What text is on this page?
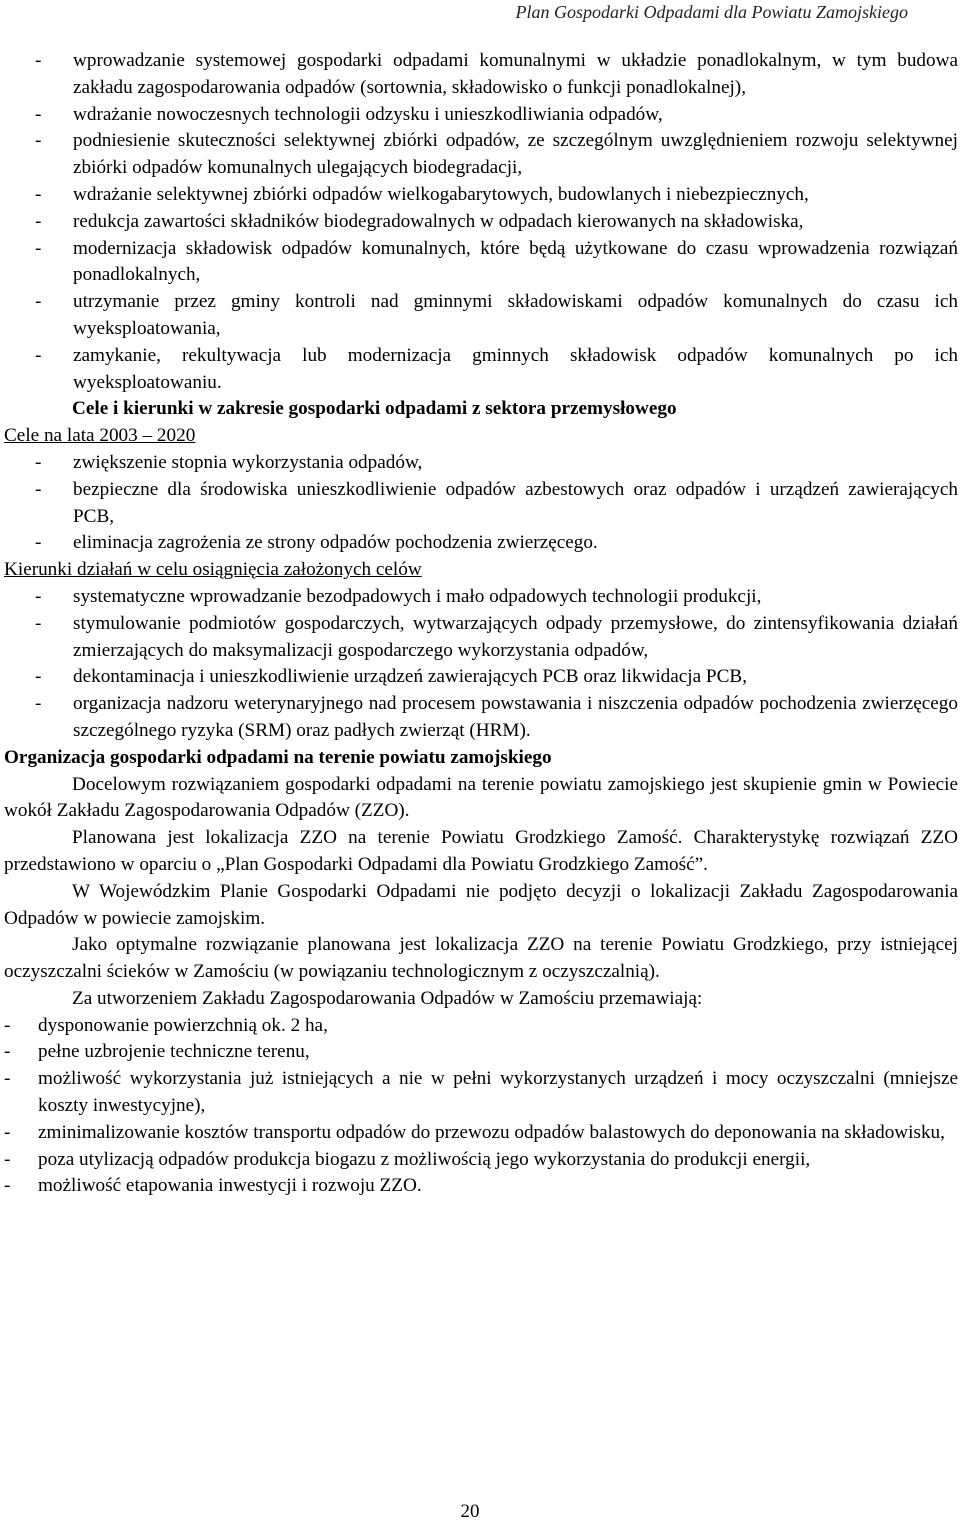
Plan Gospodarki Odpadami dla Powiatu Zamojskiego
- wprowadzanie systemowej gospodarki odpadami komunalnymi w układzie ponadlokalnym, w tym budowa zakładu zagospodarowania odpadów (sortownia, składowisko o funkcji ponadlokalnej),
- wdrażanie nowoczesnych technologii odzysku i unieszkodliwiania odpadów,
- podniesienie skuteczności selektywnej zbiórki odpadów, ze szczególnym uwzględnieniem rozwoju selektywnej zbiórki odpadów komunalnych ulegających biodegradacji,
- wdrażanie selektywnej zbiórki odpadów wielkogabarytowych, budowlanych i niebezpiecznych,
- redukcja zawartości składników biodegradowalnych w odpadach kierowanych na składowiska,
- modernizacja składowisk odpadów komunalnych, które będą użytkowane do czasu wprowadzenia rozwiązań ponadlokalnych,
- utrzymanie przez gminy kontroli nad gminnymi składowiskami odpadów komunalnych do czasu ich wyeksploatowania,
- zamykanie, rekultywacja lub modernizacja gminnych składowisk odpadów komunalnych po ich wyeksploatowaniu.
Cele i kierunki w zakresie gospodarki odpadami z sektora przemysłowego
Cele na lata 2003 – 2020
- zwiększenie stopnia wykorzystania odpadów,
- bezpieczne dla środowiska unieszkodliwienie odpadów azbestowych oraz odpadów i urządzeń zawierających PCB,
- eliminacja zagrożenia ze strony odpadów pochodzenia zwierzęcego.
Kierunki działań w celu osiągnięcia założonych celów
- systematyczne wprowadzanie bezodpadowych i mało odpadowych technologii produkcji,
- stymulowanie podmiotów gospodarczych, wytwarzających odpady przemysłowe, do zintensyfikowania działań zmierzających do maksymalizacji gospodarczego wykorzystania odpadów,
- dekontaminacja i unieszkodliwienie urządzeń zawierających PCB oraz likwidacja PCB,
- organizacja nadzoru weterynaryjnego nad procesem powstawania i niszczenia odpadów pochodzenia zwierzęcego szczególnego ryzyka (SRM) oraz padłych zwierząt (HRM).
Organizacja gospodarki odpadami na terenie powiatu zamojskiego
Docelowym rozwiązaniem gospodarki odpadami na terenie powiatu zamojskiego jest skupienie gmin w Powiecie wokół Zakładu Zagospodarowania Odpadów (ZZO).
Planowana jest lokalizacja ZZO na terenie Powiatu Grodzkiego Zamość. Charakterystykę rozwiązań ZZO przedstawiono w oparciu o „Plan Gospodarki Odpadami dla Powiatu Grodzkiego Zamość”.
W Wojewódzkim Planie Gospodarki Odpadami nie podjęto decyzji o lokalizacji Zakładu Zagospodarowania Odpadów w powiecie zamojskim.
Jako optymalne rozwiązanie planowana jest lokalizacja ZZO na terenie Powiatu Grodzkiego, przy istniejącej oczyszczalni ścieków w Zamościu (w powiązaniu technologicznym z oczyszczalnią).
Za utworzeniem Zakładu Zagospodarowania Odpadów w Zamościu przemawiają:
- dysponowanie powierzchnią ok. 2 ha,
- pełne uzbrojenie techniczne terenu,
- możliwość wykorzystania już istniejących a nie w pełni wykorzystanych urządzeń i mocy oczyszczalni (mniejsze koszty inwestycyjne),
- zminimalizowanie kosztów transportu odpadów do przewozu odpadów balastowych do deponowania na składowisku,
- poza utylizacją odpadów produkcja biogazu z możliwością jego wykorzystania do produkcji energii,
- możliwość etapowania inwestycji i rozwoju ZZO.
20
